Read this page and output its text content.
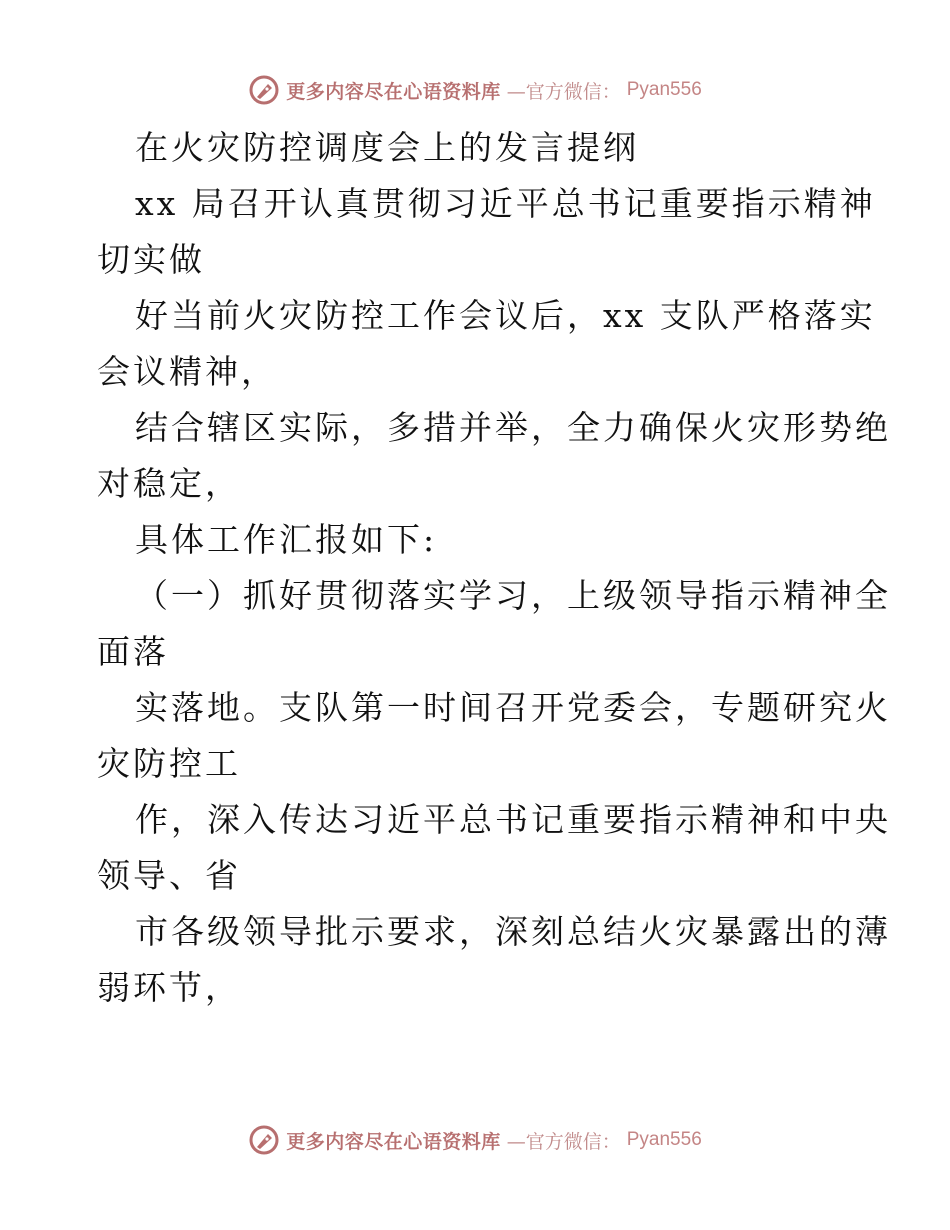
更多内容尽在心语资料库 —官方微信： Pyan556
在火灾防控调度会上的发言提纲
xx 局召开认真贯彻习近平总书记重要指示精神
切实做
好当前火灾防控工作会议后，xx 支队严格落实
会议精神，
结合辖区实际，多措并举，全力确保火灾形势绝
对稳定，
具体工作汇报如下:
（一）抓好贯彻落实学习，上级领导指示精神全
面落
实落地。支队第一时间召开党委会，专题研究火
灾防控工
作，深入传达习近平总书记重要指示精神和中央
领导、省
市各级领导批示要求，深刻总结火灾暴露出的薄
弱环节，
更多内容尽在心语资料库 —官方微信： Pyan556
